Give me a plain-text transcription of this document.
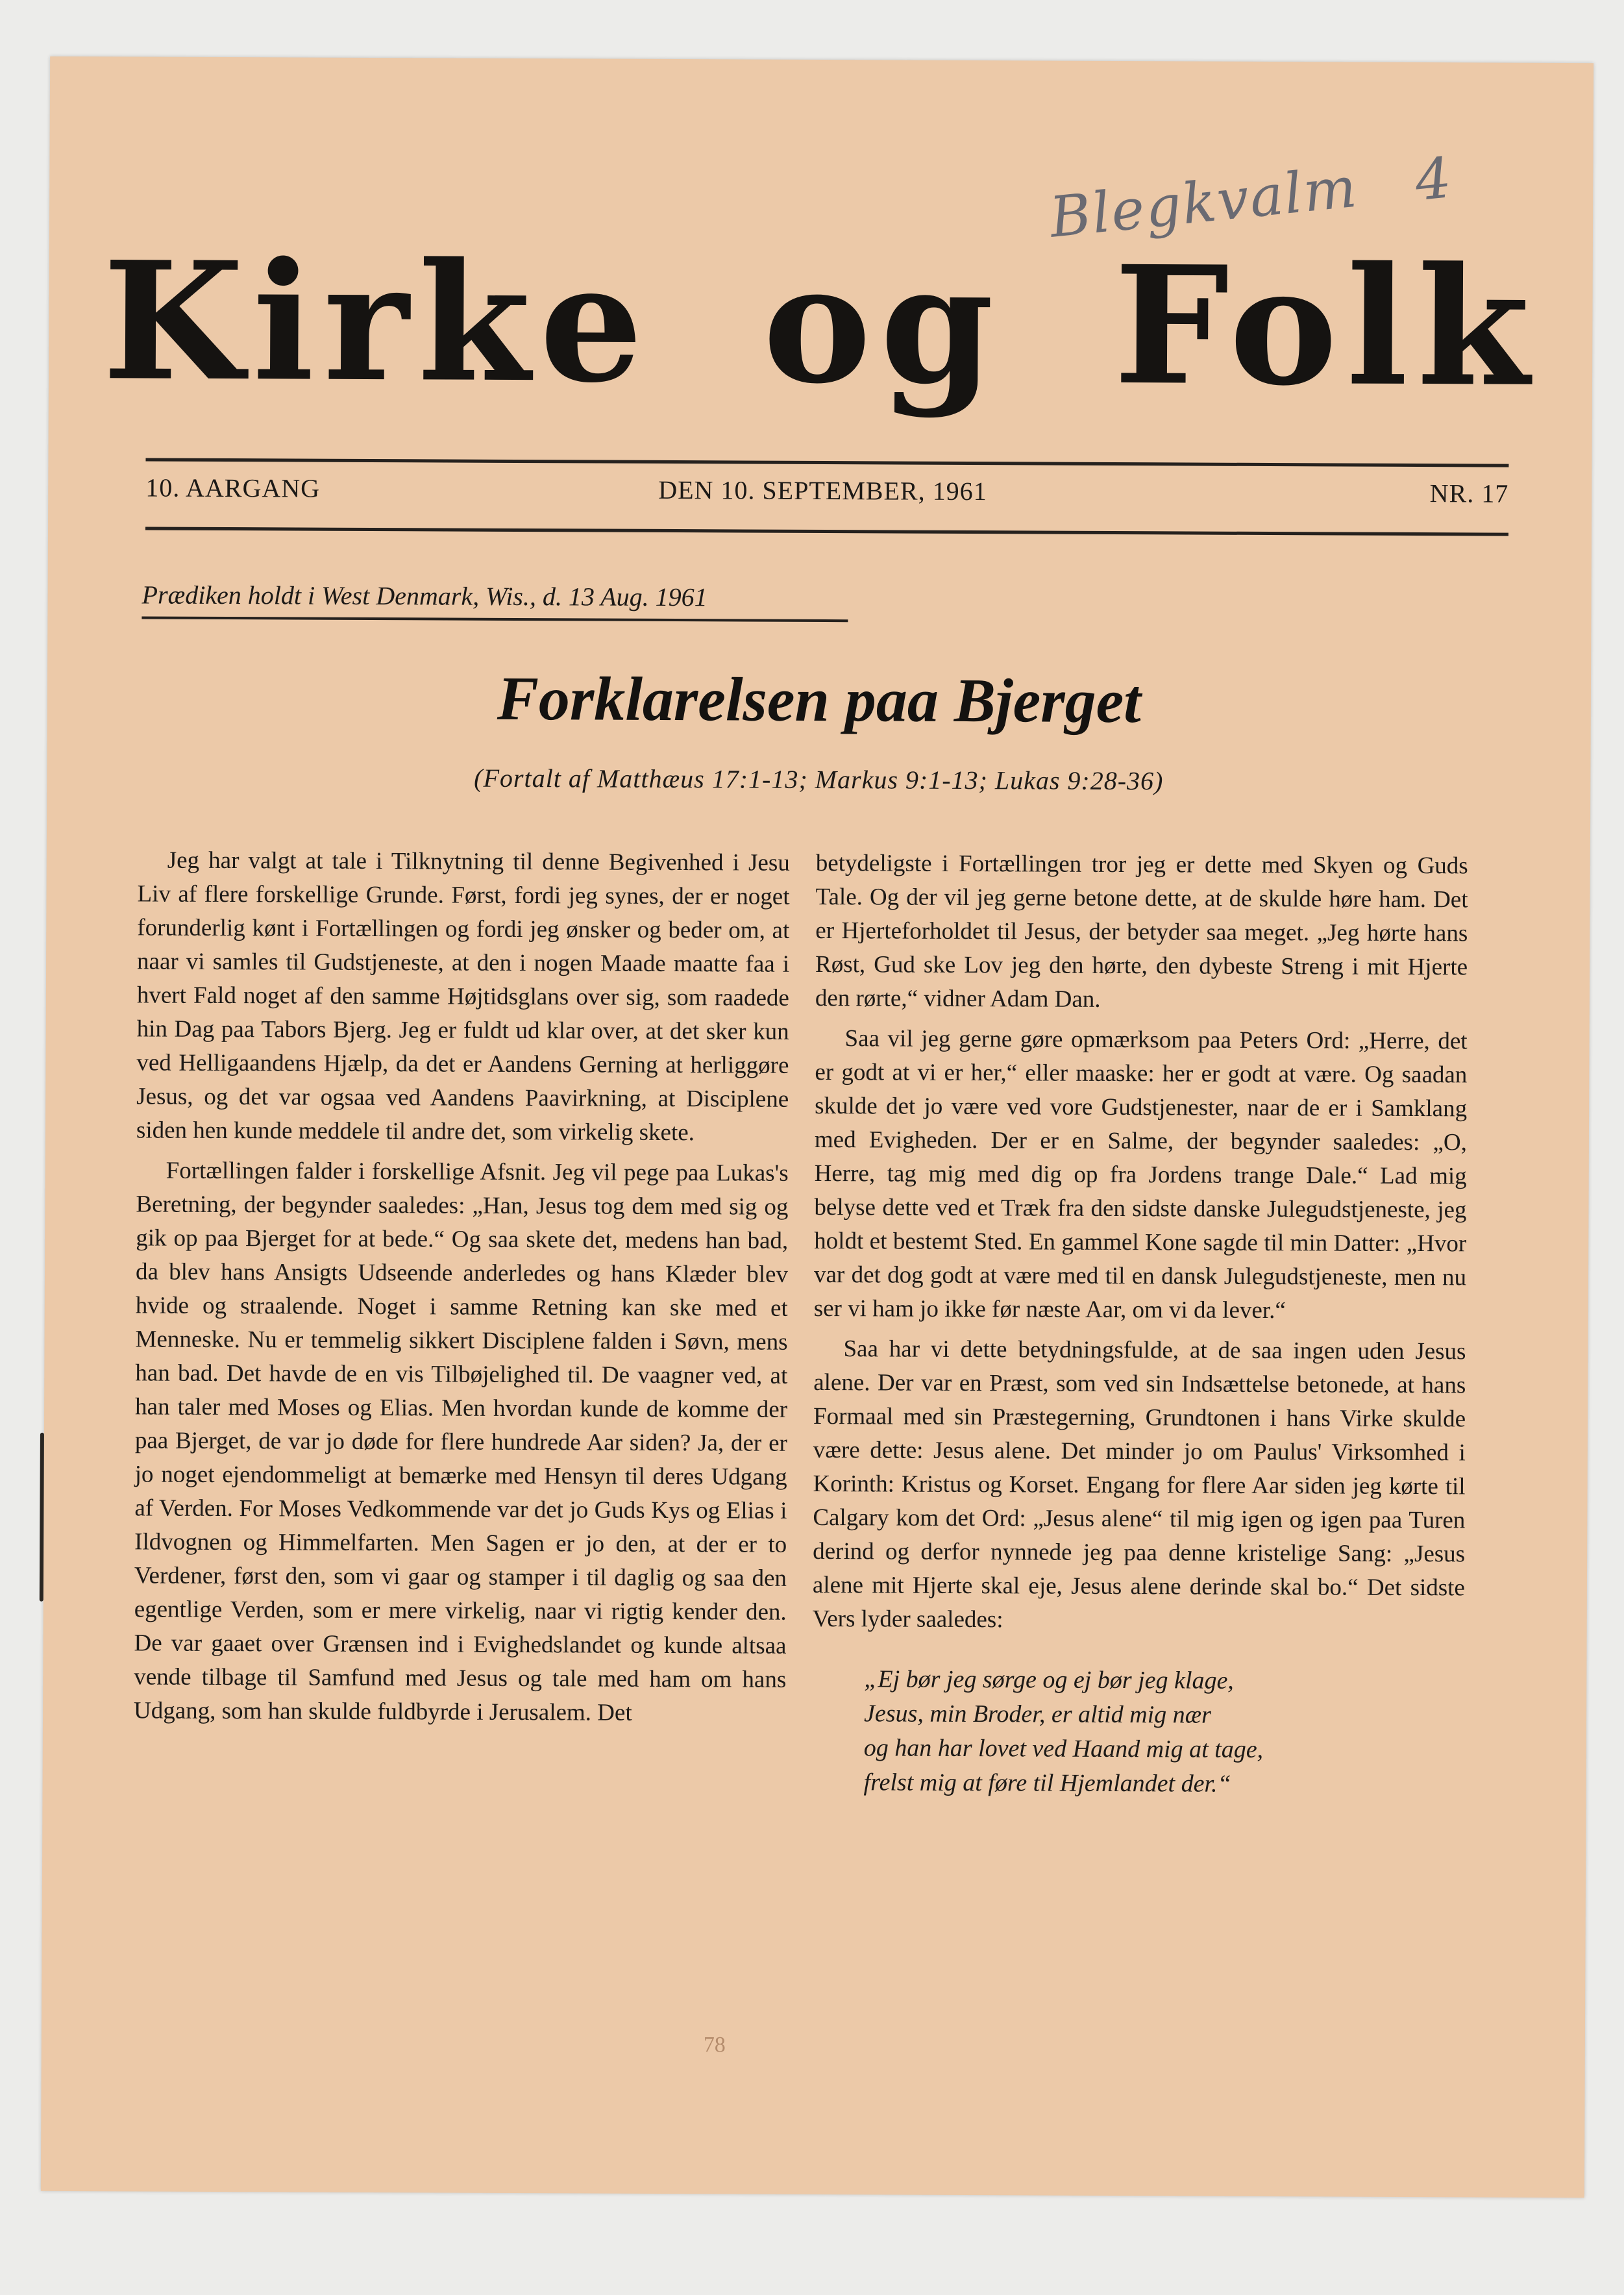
Blegkvalm 4
Kirke og Folk
10. AARGANG	DEN 10. SEPTEMBER, 1961	NR. 17
Prædiken holdt i West Denmark, Wis., d. 13 Aug. 1961
Forklarelsen paa Bjerget
(Fortalt af Matthæus 17:1-13; Markus 9:1-13; Lukas 9:28-36)

Jeg har valgt at tale i Tilknytning til denne Begivenhed i Jesu Liv af flere forskellige Grunde. Først, fordi jeg synes, der er noget forunderlig kønt i Fortællingen og fordi jeg ønsker og beder om, at naar vi samles til Gudstjeneste, at den i nogen Maade maatte faa i hvert Fald noget af den samme Højtidsglans over sig, som raadede hin Dag paa Tabors Bjerg. Jeg er fuldt ud klar over, at det sker kun ved Helligaandens Hjælp, da det er Aandens Gerning at herliggøre Jesus, og det var ogsaa ved Aandens Paavirkning, at Disciplene siden hen kunde meddele til andre det, som virkelig skete.

Fortællingen falder i forskellige Afsnit. Jeg vil pege paa Lukas's Beretning, der begynder saaledes: „Han, Jesus tog dem med sig og gik op paa Bjerget for at bede.“ Og saa skete det, medens han bad, da blev hans Ansigts Udseende anderledes og hans Klæder blev hvide og straalende. Noget i samme Retning kan ske med et Menneske. Nu er temmelig sikkert Disciplene falden i Søvn, mens han bad. Det havde de en vis Tilbøjelighed til. De vaagner ved, at han taler med Moses og Elias. Men hvordan kunde de komme der paa Bjerget, de var jo døde for flere hundrede Aar siden? Ja, der er jo noget ejendommeligt at bemærke med Hensyn til deres Udgang af Verden. For Moses Vedkommende var det jo Guds Kys og Elias i Ildvognen og Himmelfarten. Men Sagen er jo den, at der er to Verdener, først den, som vi gaar og stamper i til daglig og saa den egentlige Verden, som er mere virkelig, naar vi rigtig kender den. De var gaaet over Grænsen ind i Evighedslandet og kunde altsaa vende tilbage til Samfund med Jesus og tale med ham om hans Udgang, som han skulde fuldbyrde i Jerusalem. Det

betydeligste i Fortællingen tror jeg er dette med Skyen og Guds Tale. Og der vil jeg gerne betone dette, at de skulde høre ham. Det er Hjerteforholdet til Jesus, der betyder saa meget. „Jeg hørte hans Røst, Gud ske Lov jeg den hørte, den dybeste Streng i mit Hjerte den rørte,“ vidner Adam Dan.

Saa vil jeg gerne gøre opmærksom paa Peters Ord: „Herre, det er godt at vi er her,“ eller maaske: her er godt at være. Og saadan skulde det jo være ved vore Gudstjenester, naar de er i Samklang med Evigheden. Der er en Salme, der begynder saaledes: „O, Herre, tag mig med dig op fra Jordens trange Dale.“ Lad mig belyse dette ved et Træk fra den sidste danske Julegudstjeneste, jeg holdt et bestemt Sted. En gammel Kone sagde til min Datter: „Hvor var det dog godt at være med til en dansk Julegudstjeneste, men nu ser vi ham jo ikke før næste Aar, om vi da lever.“

Saa har vi dette betydningsfulde, at de saa ingen uden Jesus alene. Der var en Præst, som ved sin Indsættelse betonede, at hans Formaal med sin Præstegerning, Grundtonen i hans Virke skulde være dette: Jesus alene. Det minder jo om Paulus' Virksomhed i Korinth: Kristus og Korset. Engang for flere Aar siden jeg kørte til Calgary kom det Ord: „Jesus alene“ til mig igen og igen paa Turen derind og derfor nynnede jeg paa denne kristelige Sang: „Jesus alene mit Hjerte skal eje, Jesus alene derinde skal bo.“ Det sidste Vers lyder saaledes:

„Ej bør jeg sørge og ej bør jeg klage,
Jesus, min Broder, er altid mig nær
og han har lovet ved Haand mig at tage,
frelst mig at føre til Hjemlandet der.“
78
